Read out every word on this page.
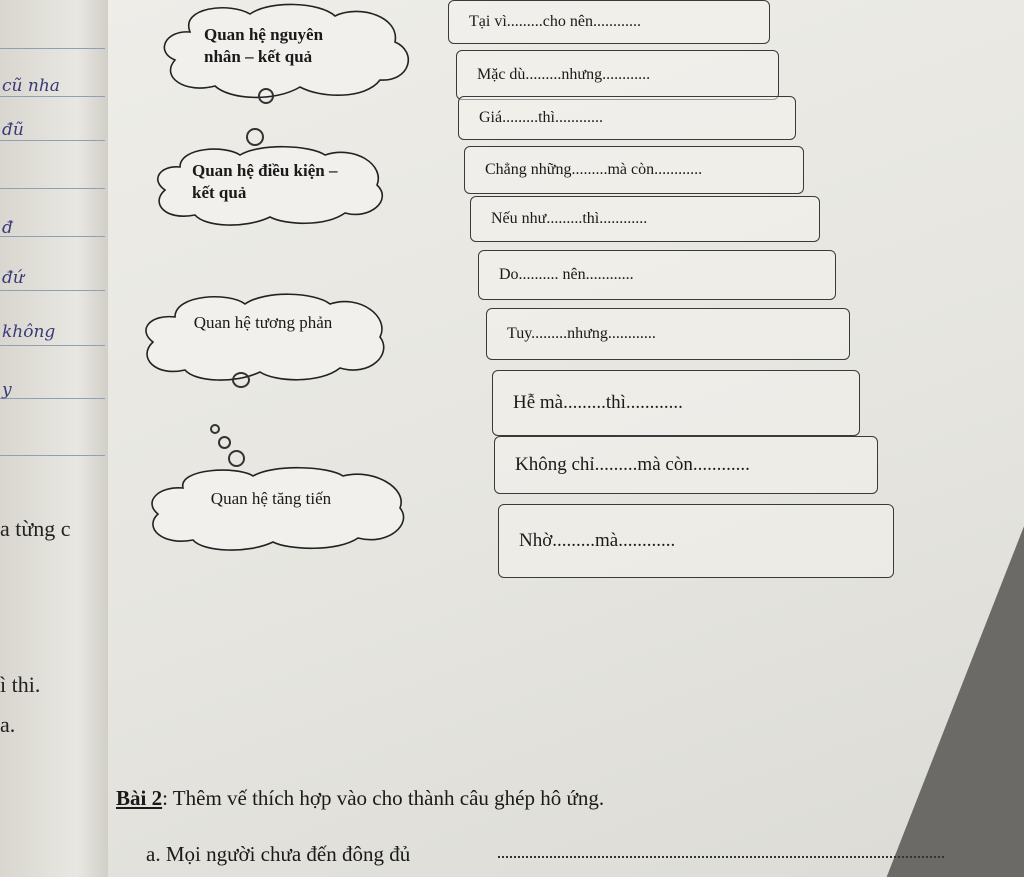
cũ nha
đũ
đ
đứ
không
y
a từng c
ì thi.
a.
Quan hệ nguyên nhân – kết quả
Quan hệ điều kiện – kết quả
Quan hệ tương phản
Quan hệ tăng tiến
Tại vì.........cho nên............
Mặc dù.........nhưng............
Giá.........thì............
Chẳng những.........mà còn............
Nếu như.........thì............
Do.......... nên............
Tuy.........nhưng............
Hễ mà.........thì............
Không chỉ.........mà còn............
Nhờ.........mà............
Bài 2: Thêm vế thích hợp vào cho thành câu ghép hô ứng.
a. Mọi người chưa đến đông đủ
